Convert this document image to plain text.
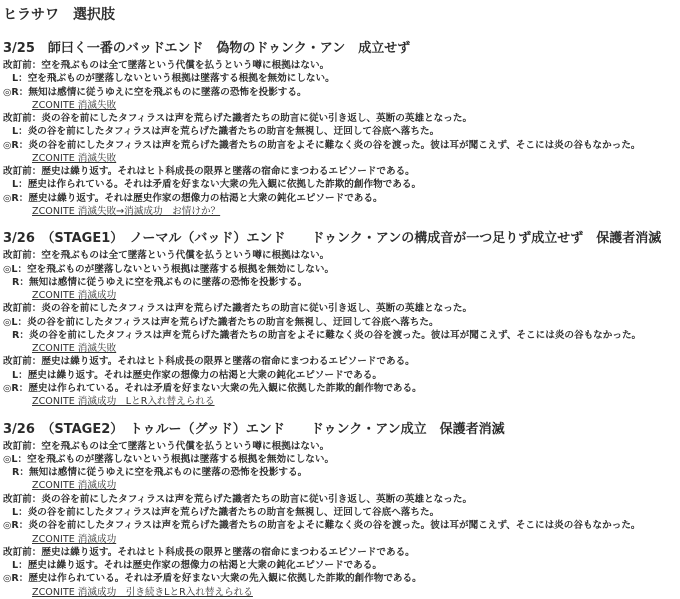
ヒラサワ　選択肢
3/25　師曰く一番のバッドエンド　偽物のドゥンク・アン　成立せず
改訂前：空を飛ぶものは全て墜落という代償を払うという噂に根拠はない。
L：空を飛ぶものが墜落しないという根拠は墜落する根拠を無効にしない。
◎R：無知は感情に従うゆえに空を飛ぶものに墜落の恐怖を投影する。
ZCONITE 消滅失敗
改訂前：炎の谷を前にしたタフィラスは声を荒らげた識者たちの助言に従い引き返し、英断の英雄となった。
L：炎の谷を前にしたタフィラスは声を荒らげた識者たちの助言を無視し、迂回して谷底へ落ちた。
◎R：炎の谷を前にしたタフィラスは声を荒らげた識者たちの助言をよそに難なく炎の谷を渡った。彼は耳が聞こえず、そこには炎の谷もなかった。
ZCONITE 消滅失敗
改訂前：歴史は繰り返す。それはヒト科成長の限界と墜落の宿命にまつわるエピソードである。
L：歴史は作られている。それは矛盾を好まない大衆の先入観に依拠した詐欺的創作物である。
◎R：歴史は繰り返す。それは歴史作家の想像力の枯渇と大衆の鈍化エピソードである。
ZCONITE 消滅失敗→消滅成功　お情けか？
3/26　（STAGE1）　ノーマル（バッド）エンド　　ドゥンク・アンの構成音が一つ足りず成立せず　保護者消滅
改訂前：空を飛ぶものは全て墜落という代償を払うという噂に根拠はない。
◎L：空を飛ぶものが墜落しないという根拠は墜落する根拠を無効にしない。
R：無知は感情に従うゆえに空を飛ぶものに墜落の恐怖を投影する。
ZCONITE 消滅成功
改訂前：炎の谷を前にしたタフィラスは声を荒らげた識者たちの助言に従い引き返し、英断の英雄となった。
◎L：炎の谷を前にしたタフィラスは声を荒らげた識者たちの助言を無視し、迂回して谷底へ落ちた。
R：炎の谷を前にしたタフィラスは声を荒らげた識者たちの助言をよそに難なく炎の谷を渡った。彼は耳が聞こえず、そこには炎の谷もなかった。
ZCONITE 消滅失敗
改訂前：歴史は繰り返す。それはヒト科成長の限界と墜落の宿命にまつわるエピソードである。
L：歴史は繰り返す。それは歴史作家の想像力の枯渇と大衆の鈍化エピソードである。
◎R：歴史は作られている。それは矛盾を好まない大衆の先入観に依拠した詐欺的創作物である。
ZCONITE 消滅成功　LとR入れ替えられる
3/26　（STAGE2）　トゥルー（グッド）エンド　　ドゥンク・アン成立　保護者消滅
改訂前：空を飛ぶものは全て墜落という代償を払うという噂に根拠はない。
◎L：空を飛ぶものが墜落しないという根拠は墜落する根拠を無効にしない。
R：無知は感情に従うゆえに空を飛ぶものに墜落の恐怖を投影する。
ZCONITE 消滅成功
改訂前：炎の谷を前にしたタフィラスは声を荒らげた識者たちの助言に従い引き返し、英断の英雄となった。
L：炎の谷を前にしたタフィラスは声を荒らげた識者たちの助言を無視し、迂回して谷底へ落ちた。
◎R：炎の谷を前にしたタフィラスは声を荒らげた識者たちの助言をよそに難なく炎の谷を渡った。彼は耳が聞こえず、そこには炎の谷もなかった。
ZCONITE 消滅成功
改訂前：歴史は繰り返す。それはヒト科成長の限界と墜落の宿命にまつわるエピソードである。
L：歴史は繰り返す。それは歴史作家の想像力の枯渇と大衆の鈍化エピソードである。
◎R：歴史は作られている。それは矛盾を好まない大衆の先入観に依拠した詐欺的創作物である。
ZCONITE 消滅成功　引き続きLとR入れ替えられる
